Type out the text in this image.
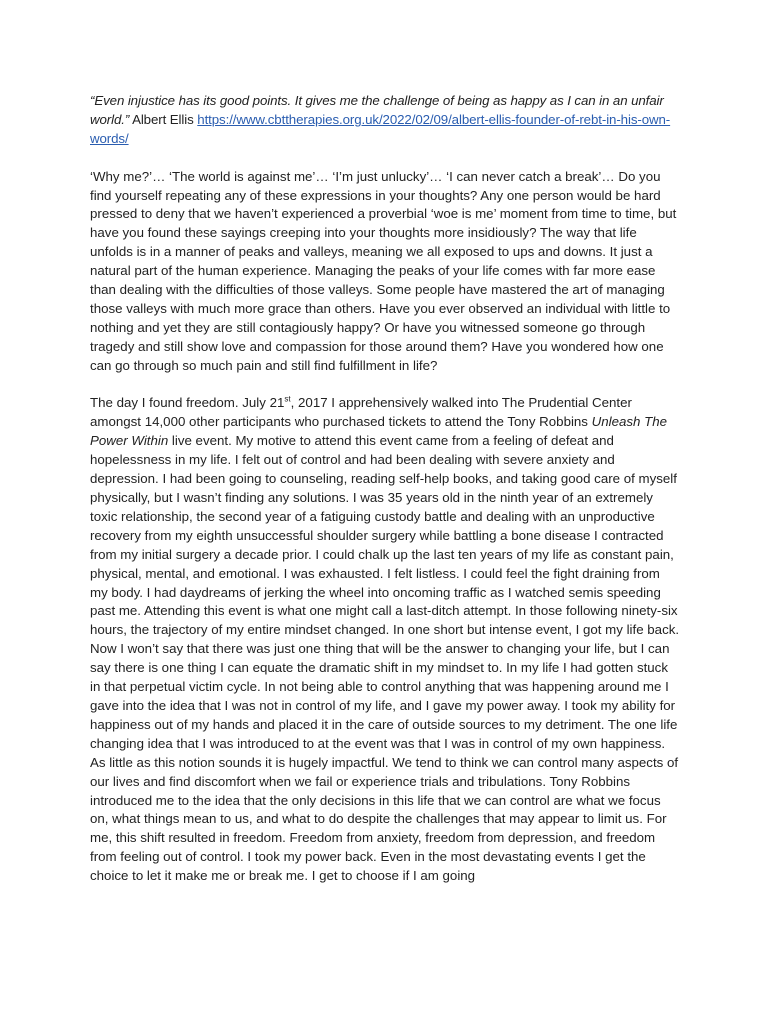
“Even injustice has its good points. It gives me the challenge of being as happy as I can in an unfair world.” Albert Ellis https://www.cbttherapies.org.uk/2022/02/09/albert-ellis-founder-of-rebt-in-his-own-words/

‘Why me?’… ‘The world is against me’… ‘I’m just unlucky’… ‘I can never catch a break’… Do you find yourself repeating any of these expressions in your thoughts? Any one person would be hard pressed to deny that we haven’t experienced a proverbial ‘woe is me’ moment from time to time, but have you found these sayings creeping into your thoughts more insidiously? The way that life unfolds is in a manner of peaks and valleys, meaning we all exposed to ups and downs. It just a natural part of the human experience. Managing the peaks of your life comes with far more ease than dealing with the difficulties of those valleys. Some people have mastered the art of managing those valleys with much more grace than others. Have you ever observed an individual with little to nothing and yet they are still contagiously happy? Or have you witnessed someone go through tragedy and still show love and compassion for those around them? Have you wondered how one can go through so much pain and still find fulfillment in life?

The day I found freedom. July 21st, 2017 I apprehensively walked into The Prudential Center amongst 14,000 other participants who purchased tickets to attend the Tony Robbins Unleash The Power Within live event. My motive to attend this event came from a feeling of defeat and hopelessness in my life. I felt out of control and had been dealing with severe anxiety and depression. I had been going to counseling, reading self-help books, and taking good care of myself physically, but I wasn’t finding any solutions. I was 35 years old in the ninth year of an extremely toxic relationship, the second year of a fatiguing custody battle and dealing with an unproductive recovery from my eighth unsuccessful shoulder surgery while battling a bone disease I contracted from my initial surgery a decade prior. I could chalk up the last ten years of my life as constant pain, physical, mental, and emotional. I was exhausted. I felt listless. I could feel the fight draining from my body. I had daydreams of jerking the wheel into oncoming traffic as I watched semis speeding past me. Attending this event is what one might call a last-ditch attempt. In those following ninety-six hours, the trajectory of my entire mindset changed. In one short but intense event, I got my life back. Now I won’t say that there was just one thing that will be the answer to changing your life, but I can say there is one thing I can equate the dramatic shift in my mindset to. In my life I had gotten stuck in that perpetual victim cycle. In not being able to control anything that was happening around me I gave into the idea that I was not in control of my life, and I gave my power away. I took my ability for happiness out of my hands and placed it in the care of outside sources to my detriment. The one life changing idea that I was introduced to at the event was that I was in control of my own happiness. As little as this notion sounds it is hugely impactful. We tend to think we can control many aspects of our lives and find discomfort when we fail or experience trials and tribulations. Tony Robbins introduced me to the idea that the only decisions in this life that we can control are what we focus on, what things mean to us, and what to do despite the challenges that may appear to limit us. For me, this shift resulted in freedom. Freedom from anxiety, freedom from depression, and freedom from feeling out of control. I took my power back. Even in the most devastating events I get the choice to let it make me or break me. I get to choose if I am going
